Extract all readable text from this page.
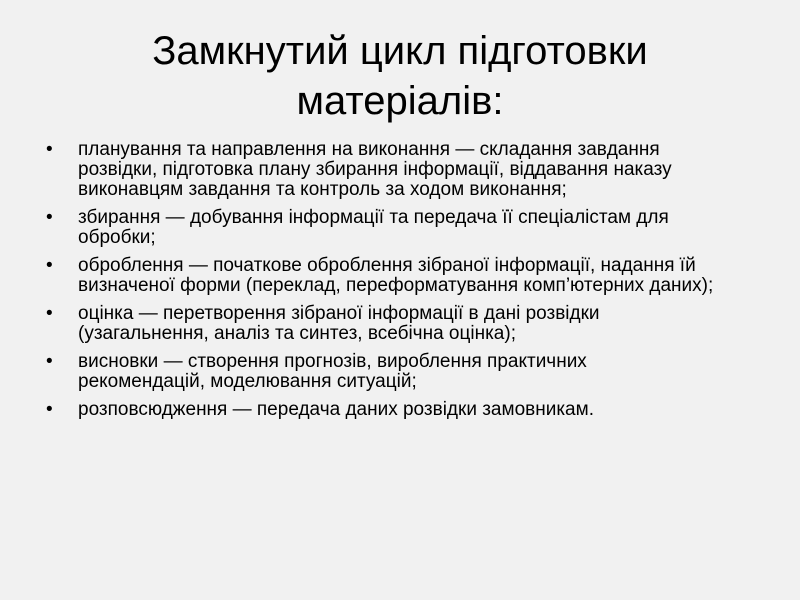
Замкнутий цикл підготовки матеріалів:
• планування та направлення на виконання — складання завдання розвідки, підготовка плану збирання інформації, віддавання наказу виконавцям завдання та контроль за ходом виконання;
• збирання — добування інформації та передача її спеціалістам для обробки;
• оброблення — початкове оброблення зібраної інформації, надання їй визначеної форми (переклад, переформатування комп’ютерних даних);
• оцінка — перетворення зібраної інформації в дані розвідки (узагальнення, аналіз та синтез, всебічна оцінка);
• висновки — створення прогнозів, вироблення практичних рекомендацій, моделювання ситуацій;
• розповсюдження — передача даних розвідки замовникам.
